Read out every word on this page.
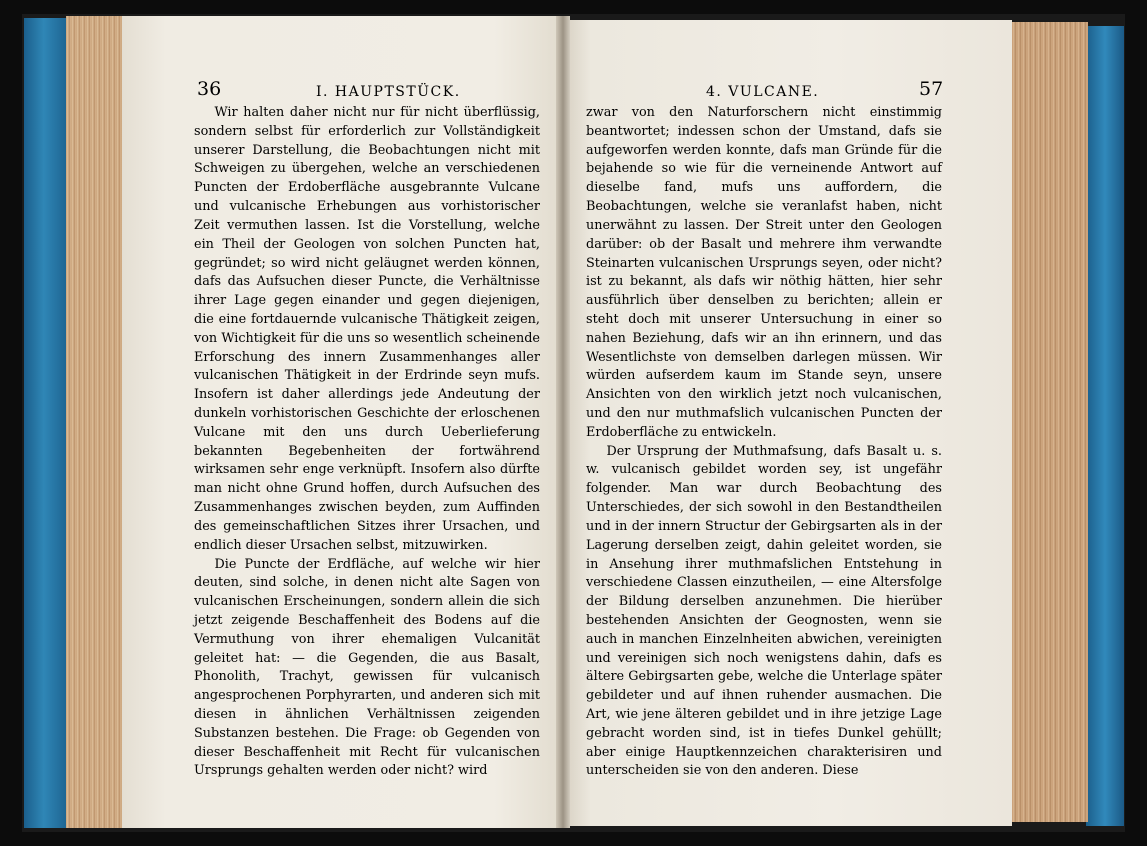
36	I. HAUPTSTÜCK.	4. VULCANE.	57

Wir halten daher nicht nur für nicht überflüssig, sondern selbst für erforderlich zur Vollständigkeit unserer Darstellung, die Beobachtungen nicht mit Schweigen zu übergehen, welche an verschiedenen Puncten der Erdoberfläche ausgebrannte Vulcane und vulcanische Erhebungen aus vorhistorischer Zeit vermuthen lassen. Ist die Vorstellung, welche ein Theil der Geologen von solchen Puncten hat, gegründet; so wird nicht geläugnet werden können, dafs das Aufsuchen dieser Puncte, die Verhältnisse ihrer Lage gegen einander und gegen diejenigen, die eine fortdauernde vulcanische Thätigkeit zeigen, von Wichtigkeit für die uns so wesentlich scheinende Erforschung des innern Zusammenhanges aller vulcanischen Thätigkeit in der Erdrinde seyn mufs. Insofern ist daher allerdings jede Andeutung der dunkeln vorhistorischen Geschichte der erloschenen Vulcane mit den uns durch Ueberlieferung bekannten Begebenheiten der fortwährend wirksamen sehr enge verknüpft. Insofern also dürfte man nicht ohne Grund hoffen, durch Aufsuchen des Zusammenhanges zwischen beyden, zum Auffinden des gemeinschaftlichen Sitzes ihrer Ursachen, und endlich dieser Ursachen selbst, mitzuwirken.

Die Puncte der Erdfläche, auf welche wir hier deuten, sind solche, in denen nicht alte Sagen von vulcanischen Erscheinungen, sondern allein die sich jetzt zeigende Beschaffenheit des Bodens auf die Vermuthung von ihrer ehemaligen Vulcanität geleitet hat: — die Gegenden, die aus Basalt, Phonolith, Trachyt, gewissen für vulcanisch angesprochenen Porphyrarten, und anderen sich mit diesen in ähnlichen Verhältnissen zeigenden Substanzen bestehen. Die Frage: ob Gegenden von dieser Beschaffenheit mit Recht für vulcanischen Ursprungs gehalten werden oder nicht? wird

zwar von den Naturforschern nicht einstimmig beantwortet; indessen schon der Umstand, dafs sie aufgeworfen werden konnte, dafs man Gründe für die bejahende so wie für die verneinende Antwort auf dieselbe fand, mufs uns auffordern, die Beobachtungen, welche sie veranlafst haben, nicht unerwähnt zu lassen. Der Streit unter den Geologen darüber: ob der Basalt und mehrere ihm verwandte Steinarten vulcanischen Ursprungs seyen, oder nicht? ist zu bekannt, als dafs wir nöthig hätten, hier sehr ausführlich über denselben zu berichten; allein er steht doch mit unserer Untersuchung in einer so nahen Beziehung, dafs wir an ihn erinnern, und das Wesentlichste von demselben darlegen müssen. Wir würden aufserdem kaum im Stande seyn, unsere Ansichten von den wirklich jetzt noch vulcanischen, und den nur muthmafslich vulcanischen Puncten der Erdoberfläche zu entwickeln.

Der Ursprung der Muthmafsung, dafs Basalt u. s. w. vulcanisch gebildet worden sey, ist ungefähr folgender. Man war durch Beobachtung des Unterschiedes, der sich sowohl in den Bestandtheilen und in der innern Structur der Gebirgsarten als in der Lagerung derselben zeigt, dahin geleitet worden, sie in Ansehung ihrer muthmafslichen Entstehung in verschiedene Classen einzutheilen, — eine Altersfolge der Bildung derselben anzunehmen. Die hierüber bestehenden Ansichten der Geognosten, wenn sie auch in manchen Einzelnheiten abwichen, vereinigten und vereinigen sich noch wenigstens dahin, dafs es ältere Gebirgsarten gebe, welche die Unterlage später gebildeter und auf ihnen ruhender ausmachen. Die Art, wie jene älteren gebildet und in ihre jetzige Lage gebracht worden sind, ist in tiefes Dunkel gehüllt; aber einige Hauptkennzeichen charakterisiren und unterscheiden sie von den anderen. Diese
